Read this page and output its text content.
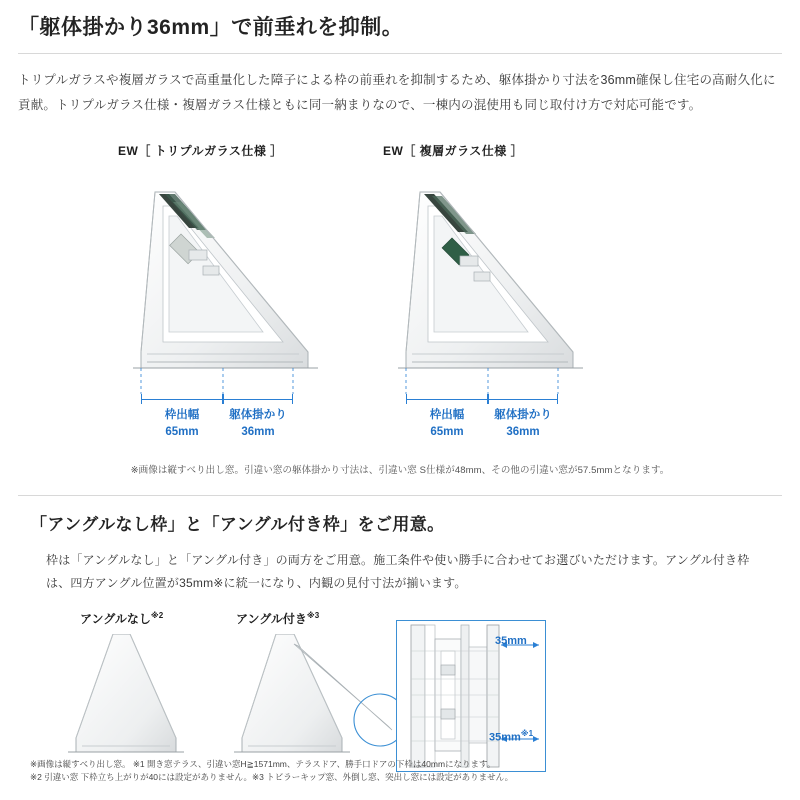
「躯体掛かり36mm」で前垂れを抑制。

トリプルガラスや複層ガラスで高重量化した障子による枠の前垂れを抑制するため、躯体掛かり寸法を36mm確保し住宅の高耐久化に貢献。トリプルガラス仕様・複層ガラス仕様ともに同一納まりなので、一棟内の混使用も同じ取付け方で対応可能です。

EW［ トリプルガラス仕様 ］	EW［ 複層ガラス仕様 ］
枠出幅
65mm
躯体掛かり
36mm
枠出幅
65mm
躯体掛かり
36mm
※画像は縦すべり出し窓。引違い窓の躯体掛かり寸法は、引違い窓 S仕様が48mm、その他の引違い窓が57.5mmとなります。
「アングルなし枠」と「アングル付き枠」をご用意。

枠は「アングルなし」と「アングル付き」の両方をご用意。施工条件や使い勝手に合わせてお選びいただけます。アングル付き枠は、四方アングル位置が35mm※に統一になり、内観の見付寸法が揃います。

アングルなし$^{※2}$	アングル付き$^{※3}$
35mm
$35mm^{※1}$
※画像は縦すべり出し窓。 ※1 開き窓テラス、引違い窓H≧1571mm、テラスドア、勝手口ドアの下枠は40mmになります。
※2 引違い窓 下枠立ち上がりが40には設定がありません。※3 トビラーキップ窓、外倒し窓、突出し窓には設定がありません。
